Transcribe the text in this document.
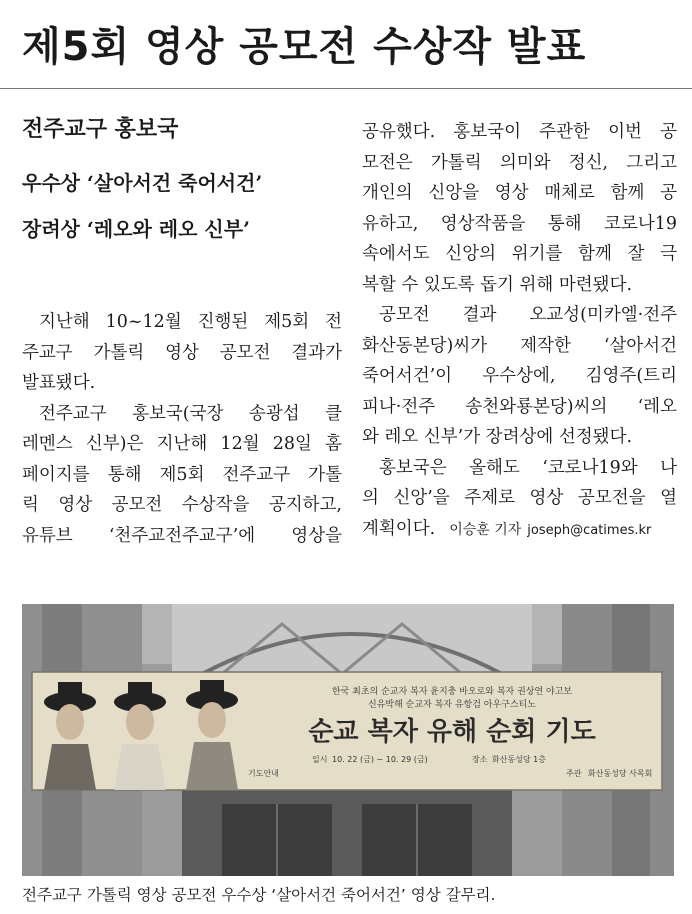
제5회 영상 공모전 수상작 발표

전주교구 홍보국

우수상 ‘살아서건 죽어서건’

장려상 ‘레오와 레오 신부’

지난해 10~12월 진행된 제5회 전

주교구 가톨릭 영상 공모전 결과가

발표됐다.

전주교구 홍보국(국장 송광섭 클

레멘스 신부)은 지난해 12월 28일 홈

페이지를 통해 제5회 전주교구 가톨

릭 영상 공모전 수상작을 공지하고,

유튜브 ‘천주교전주교구’에 영상을

공유했다. 홍보국이 주관한 이번 공

모전은 가톨릭 의미와 정신, 그리고

개인의 신앙을 영상 매체로 함께 공

유하고, 영상작품을 통해 코로나19

속에서도 신앙의 위기를 함께 잘 극

복할 수 있도록 돕기 위해 마련됐다.

공모전 결과 오교성(미카엘·전주

화산동본당)씨가 제작한 ‘살아서건

죽어서건’이 우수상에, 김영주(트리

피나·전주 송천와룡본당)씨의 ‘레오

와 레오 신부’가 장려상에 선정됐다.

홍보국은 올해도 ‘코로나19와 나

의 신앙’을 주제로 영상 공모전을 열

계획이다. 이승훈 기자 joseph@catimes.kr

한국 최초의 순교자 복자 윤지충 바오로와 복자 권상연 야고보
신유박해 순교자 복자 유항검 아우구스티노
순교 복자 유해 순회 기도
일시 10. 22 (금) ~ 10. 29 (금)	장소 화산동성당 1층
기도안내	주관 화산동성당 사목회
전주교구 가톨릭 영상 공모전 우수상 ‘살아서건 죽어서건’ 영상 갈무리.
